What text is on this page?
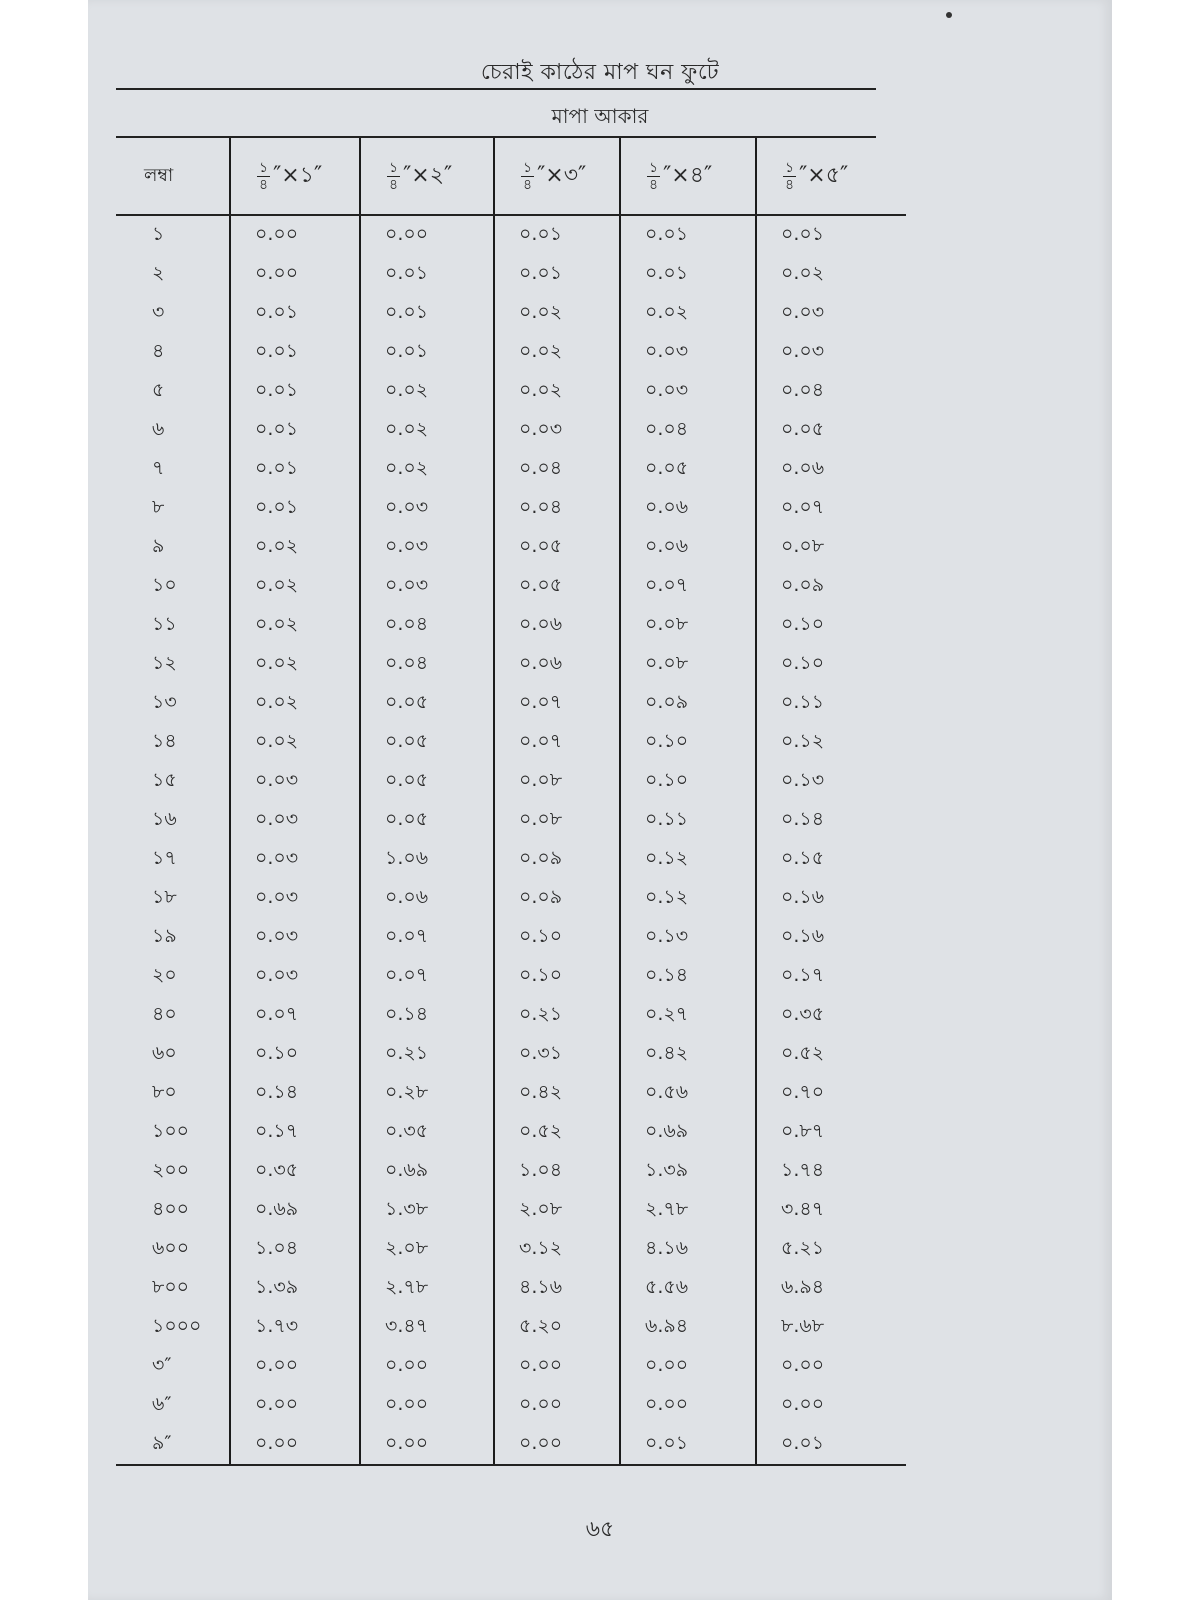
চেরাই কাঠের মাপ ঘন ফুটে
মাপা আকার
লম্বা	$\frac{১}{৪}$ ″×১″	$\frac{১}{৪}$ ″×২″	$\frac{১}{৪}$ ″×৩″	$\frac{১}{৪}$ ″×৪″	$\frac{১}{৪}$ ″×৫″
১	০.০০	০.০০	০.০১	০.০১	০.০১
২	০.০০	০.০১	০.০১	০.০১	০.০২
৩	০.০১	০.০১	০.০২	০.০২	০.০৩
৪	০.০১	০.০১	০.০২	০.০৩	০.০৩
৫	০.০১	০.০২	০.০২	০.০৩	০.০৪
৬	০.০১	০.০২	০.০৩	০.০৪	০.০৫
৭	০.০১	০.০২	০.০৪	০.০৫	০.০৬
৮	০.০১	০.০৩	০.০৪	০.০৬	০.০৭
৯	০.০২	০.০৩	০.০৫	০.০৬	০.০৮
১০	০.০২	০.০৩	০.০৫	০.০৭	০.০৯
১১	০.০২	০.০৪	০.০৬	০.০৮	০.১০
১২	০.০২	০.০৪	০.০৬	০.০৮	০.১০
১৩	০.০২	০.০৫	০.০৭	০.০৯	০.১১
১৪	০.০২	০.০৫	০.০৭	০.১০	০.১২
১৫	০.০৩	০.০৫	০.০৮	০.১০	০.১৩
১৬	০.০৩	০.০৫	০.০৮	০.১১	০.১৪
১৭	০.০৩	১.০৬	০.০৯	০.১২	০.১৫
১৮	০.০৩	০.০৬	০.০৯	০.১২	০.১৬
১৯	০.০৩	০.০৭	০.১০	০.১৩	০.১৬
২০	০.০৩	০.০৭	০.১০	০.১৪	০.১৭
৪০	০.০৭	০.১৪	০.২১	০.২৭	০.৩৫
৬০	০.১০	০.২১	০.৩১	০.৪২	০.৫২
৮০	০.১৪	০.২৮	০.৪২	০.৫৬	০.৭০
১০০	০.১৭	০.৩৫	০.৫২	০.৬৯	০.৮৭
২০০	০.৩৫	০.৬৯	১.০৪	১.৩৯	১.৭৪
৪০০	০.৬৯	১.৩৮	২.০৮	২.৭৮	৩.৪৭
৬০০	১.০৪	২.০৮	৩.১২	৪.১৬	৫.২১
৮০০	১.৩৯	২.৭৮	৪.১৬	৫.৫৬	৬.৯৪
১০০০	১.৭৩	৩.৪৭	৫.২০	৬.৯৪	৮.৬৮
৩″	০.০০	০.০০	০.০০	০.০০	০.০০
৬″	০.০০	০.০০	০.০০	০.০০	০.০০
৯″	০.০০	০.০০	০.০০	০.০১	০.০১
৬৫
